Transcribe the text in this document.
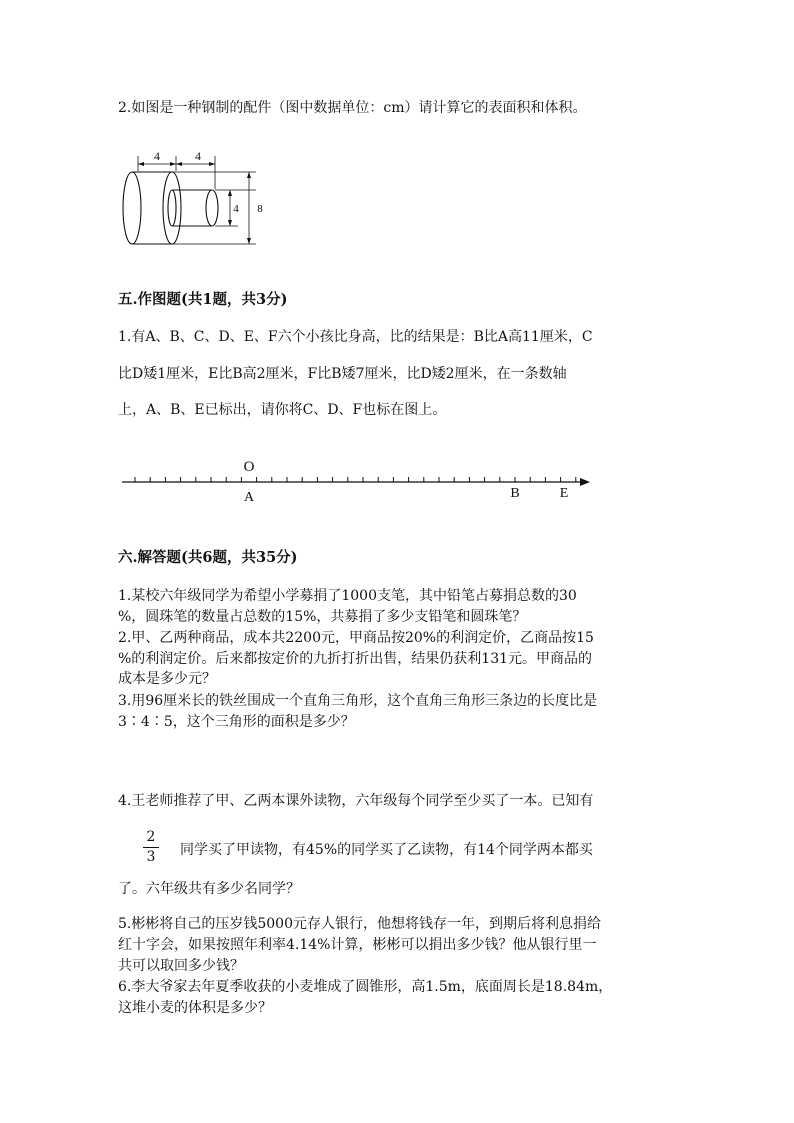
2.如图是一种钢制的配件（图中数据单位：cm）请计算它的表面积和体积。
4	4
4 8
五.作图题(共1题，共3分)
1.有A、B、C、D、E、F六个小孩比身高，比的结果是：B比A高11厘米，C
比D矮1厘米，E比B高2厘米，F比B矮7厘米，比D矮2厘米，在一条数轴
上，A、B、E已标出，请你将C、D、F也标在图上。
O
A	B	E
六.解答题(共6题，共35分)
1.某校六年级同学为希望小学募捐了1000支笔，其中铅笔占募捐总数的30
%，圆珠笔的数量占总数的15%，共募捐了多少支铅笔和圆珠笔？
2.甲、乙两种商品，成本共2200元，甲商品按20%的利润定价，乙商品按15
%的利润定价。后来都按定价的九折打折出售，结果仍获利131元。甲商品的
成本是多少元？
3.用96厘米长的铁丝围成一个直角三角形，这个直角三角形三条边的长度比是
3∶4∶5，这个三角形的面积是多少？
4.王老师推荐了甲、乙两本课外读物，六年级每个同学至少买了一本。已知有
2
3 同学买了甲读物，有45%的同学买了乙读物，有14个同学两本都买
了。六年级共有多少名同学？
5.彬彬将自己的压岁钱5000元存人银行，他想将钱存一年，到期后将利息捐给
红十字会，如果按照年利率4.14%计算，彬彬可以捐出多少钱？他从银行里一
共可以取回多少钱？
6.李大爷家去年夏季收获的小麦堆成了圆锥形，高1.5m，底面周长是18.84m，
这堆小麦的体积是多少？
